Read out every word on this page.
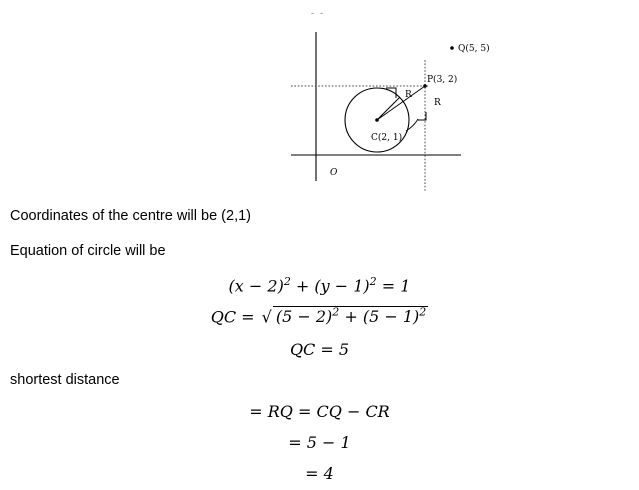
- -
Q(5, 5)
P(3, 2)
C(2, 1)
R
R
O
Coordinates of the centre will be (2,1)
Equation of circle will be
$(x - 2)^2 + (y - 1)^2 = 1$
QC = √ $(5 - 2)^2 + (5 - 1)^2$
QC = 5
shortest distance
= RQ = CQ − CR
= 5 − 1
= 4
